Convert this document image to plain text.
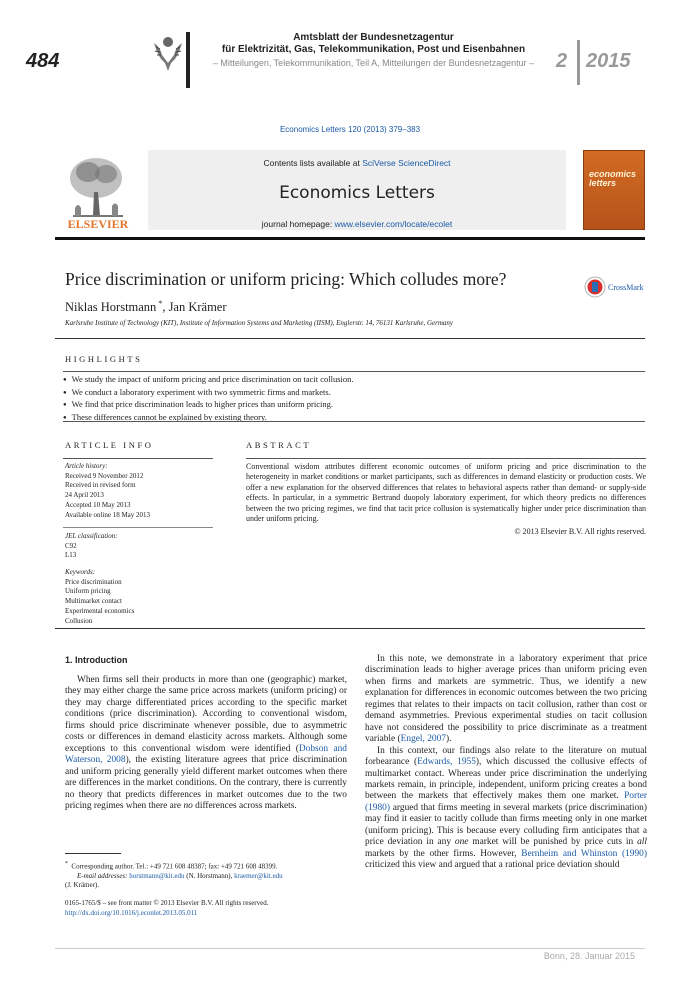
484
Amtsblatt der Bundesnetzagentur
für Elektrizität, Gas, Telekommunikation, Post und Eisenbahnen
– Mitteilungen, Telekommunikation, Teil A, Mitteilungen der Bundesnetzagentur –	2 2015
Economics Letters 120 (2013) 379–383
ELSEVIER
Contents lists available at SciVerse ScienceDirect
Economics Letters
journal homepage: www.elsevier.com/locate/ecolet
economics letters
Price discrimination or uniform pricing: Which colludes more?	CrossMark
Niklas Horstmann *, Jan Krämer
Karlsruhe Institute of Technology (KIT), Institute of Information Systems and Marketing (IISM), Englerstr. 14, 76131 Karlsruhe, Germany
HIGHLIGHTS
● We study the impact of uniform pricing and price discrimination on tacit collusion.
● We conduct a laboratory experiment with two symmetric firms and markets.
● We find that price discrimination leads to higher prices than uniform pricing.
● These differences cannot be explained by existing theory.
ARTICLE INFO	ABSTRACT
Article history:
Received 9 November 2012
Received in revised form
24 April 2013
Accepted 10 May 2013
Available online 18 May 2013
JEL classification:
C92
L13
Keywords:
Price discrimination
Uniform pricing
Multimarket contact
Experimental economics
Collusion
Conventional wisdom attributes different economic outcomes of uniform pricing and price discrimination to the heterogeneity in market conditions or market participants, such as differences in demand elasticity or production costs. We offer a new explanation for the observed differences that relates to behavioral aspects rather than demand- or supply-side effects. In particular, in a symmetric Bertrand duopoly laboratory experiment, for which theory predicts no differences between the two pricing regimes, we find that tacit price collusion is systematically higher under price discrimination than under uniform pricing.
© 2013 Elsevier B.V. All rights reserved.
1. Introduction

When firms sell their products in more than one (geographic) market, they may either charge the same price across markets (uniform pricing) or they may charge differentiated prices according to the specific market conditions (price discrimination). According to conventional wisdom, firms should price discriminate whenever possible, due to asymmetric costs or differences in demand elasticity across markets. Although some exceptions to this conventional wisdom were identified (Dobson and Waterson, 2008), the existing literature agrees that price discrimination and uniform pricing generally yield different market outcomes when there are differences in the market conditions. On the contrary, there is currently no theory that predicts differences in market outcomes due to the two pricing regimes when there are no differences across markets.

In this note, we demonstrate in a laboratory experiment that price discrimination leads to higher average prices than uniform pricing even when firms and markets are symmetric. Thus, we identify a new explanation for differences in economic outcomes between the two pricing regimes that relates to their impacts on tacit collusion, rather than cost or demand asymmetries. Previous experimental studies on tacit collusion have not considered the possibility to price discriminate as a treatment variable (Engel, 2007).

In this context, our findings also relate to the literature on mutual forbearance (Edwards, 1955), which discussed the collusive effects of multimarket contact. Whereas under price discrimination the underlying markets remain, in principle, independent, uniform pricing creates a bond between the markets that effectively makes them one market. Porter (1980) argued that firms meeting in several markets (price discrimination) may find it easier to tacitly collude than firms meeting only in one market (uniform pricing). This is because every colluding firm anticipates that a price deviation in any one market will be punished by price cuts in all markets by the other firms. However, Bernheim and Whinston (1990) criticized this view and argued that a rational price deviation should

* Corresponding author. Tel.: +49 721 608 48387; fax: +49 721 608 48399.
E-mail addresses: horstmann@kit.edu (N. Horstmann), kraemer@kit.edu
(J. Krämer).
0165-1765/$ – see front matter © 2013 Elsevier B.V. All rights reserved.
http://dx.doi.org/10.1016/j.econlet.2013.05.011
Bonn, 28. Januar 2015
